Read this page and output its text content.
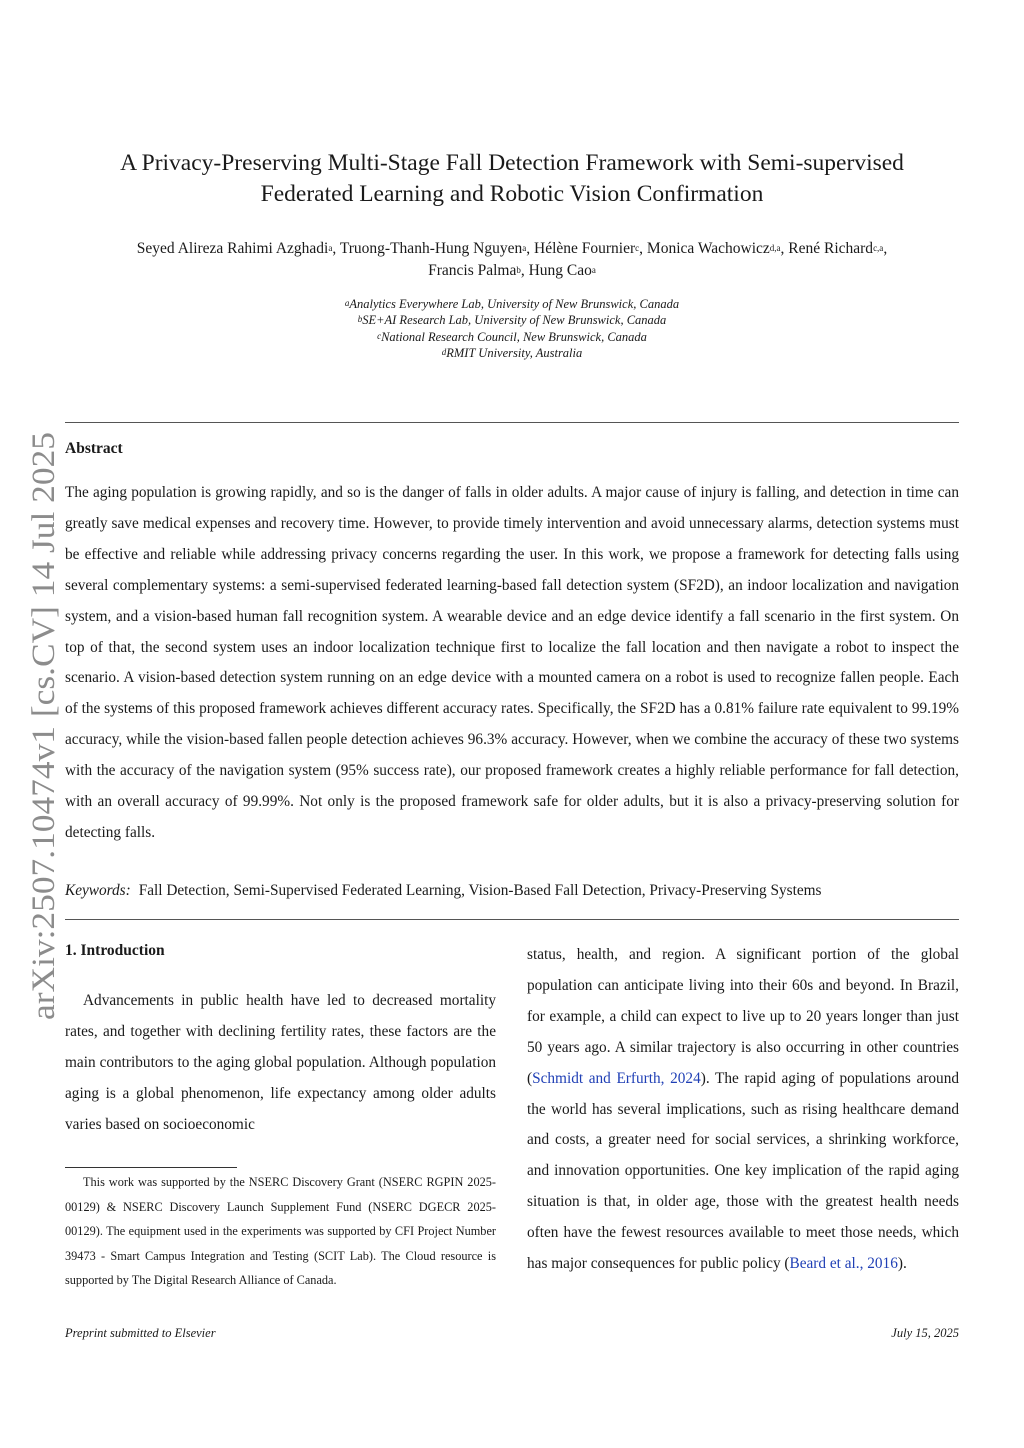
arXiv:2507.10474v1 [cs.CV] 14 Jul 2025
A Privacy-Preserving Multi-Stage Fall Detection Framework with Semi-supervised
Federated Learning and Robotic Vision Confirmation
Seyed Alireza Rahimi Azghadi$^a$, Truong-Thanh-Hung Nguyen$^a$, Hélène Fournier$^c$, Monica Wachowicz$^{d,a}$, René Richard$^{c,a}$,
Francis Palma$^b$, Hung Cao$^a$
$^a$Analytics Everywhere Lab, University of New Brunswick, Canada
$^b$SE+AI Research Lab, University of New Brunswick, Canada
$^c$National Research Council, New Brunswick, Canada
$^d$RMIT University, Australia
Abstract
The aging population is growing rapidly, and so is the danger of falls in older adults. A major cause of injury is falling, and detection in time can greatly save medical expenses and recovery time. However, to provide timely intervention and avoid unnecessary alarms, detection systems must be effective and reliable while addressing privacy concerns regarding the user. In this work, we propose a framework for detecting falls using several complementary systems: a semi-supervised federated learning-based fall detection system (SF2D), an indoor localization and navigation system, and a vision-based human fall recognition system. A wearable device and an edge device identify a fall scenario in the first system. On top of that, the second system uses an indoor localization technique first to localize the fall location and then navigate a robot to inspect the scenario. A vision-based detection system running on an edge device with a mounted camera on a robot is used to recognize fallen people. Each of the systems of this proposed framework achieves different accuracy rates. Specifically, the SF2D has a 0.81% failure rate equivalent to 99.19% accuracy, while the vision-based fallen people detection achieves 96.3% accuracy. However, when we combine the accuracy of these two systems with the accuracy of the navigation system (95% success rate), our proposed framework creates a highly reliable performance for fall detection, with an overall accuracy of 99.99%. Not only is the proposed framework safe for older adults, but it is also a privacy-preserving solution for detecting falls.
Keywords: Fall Detection, Semi-Supervised Federated Learning, Vision-Based Fall Detection, Privacy-Preserving Systems
1. Introduction

Advancements in public health have led to decreased mortality rates, and together with declining fertility rates, these factors are the main contributors to the aging global population. Although population aging is a global phenomenon, life expectancy among older adults varies based on socioeconomic

This work was supported by the NSERC Discovery Grant (NSERC RGPIN 2025-00129) & NSERC Discovery Launch Supplement Fund (NSERC DGECR 2025-00129). The equipment used in the experiments was supported by CFI Project Number 39473 - Smart Campus Integration and Testing (SCIT Lab). The Cloud resource is supported by The Digital Research Alliance of Canada.
status, health, and region. A significant portion of the global population can anticipate living into their 60s and beyond. In Brazil, for example, a child can expect to live up to 20 years longer than just 50 years ago. A similar trajectory is also occurring in other countries (Schmidt and Erfurth, 2024). The rapid aging of populations around the world has several implications, such as rising healthcare demand and costs, a greater need for social services, a shrinking workforce, and innovation opportunities. One key implication of the rapid aging situation is that, in older age, those with the greatest health needs often have the fewest resources available to meet those needs, which has major consequences for public policy (Beard et al., 2016).
Preprint submitted to Elsevier	July 15, 2025
